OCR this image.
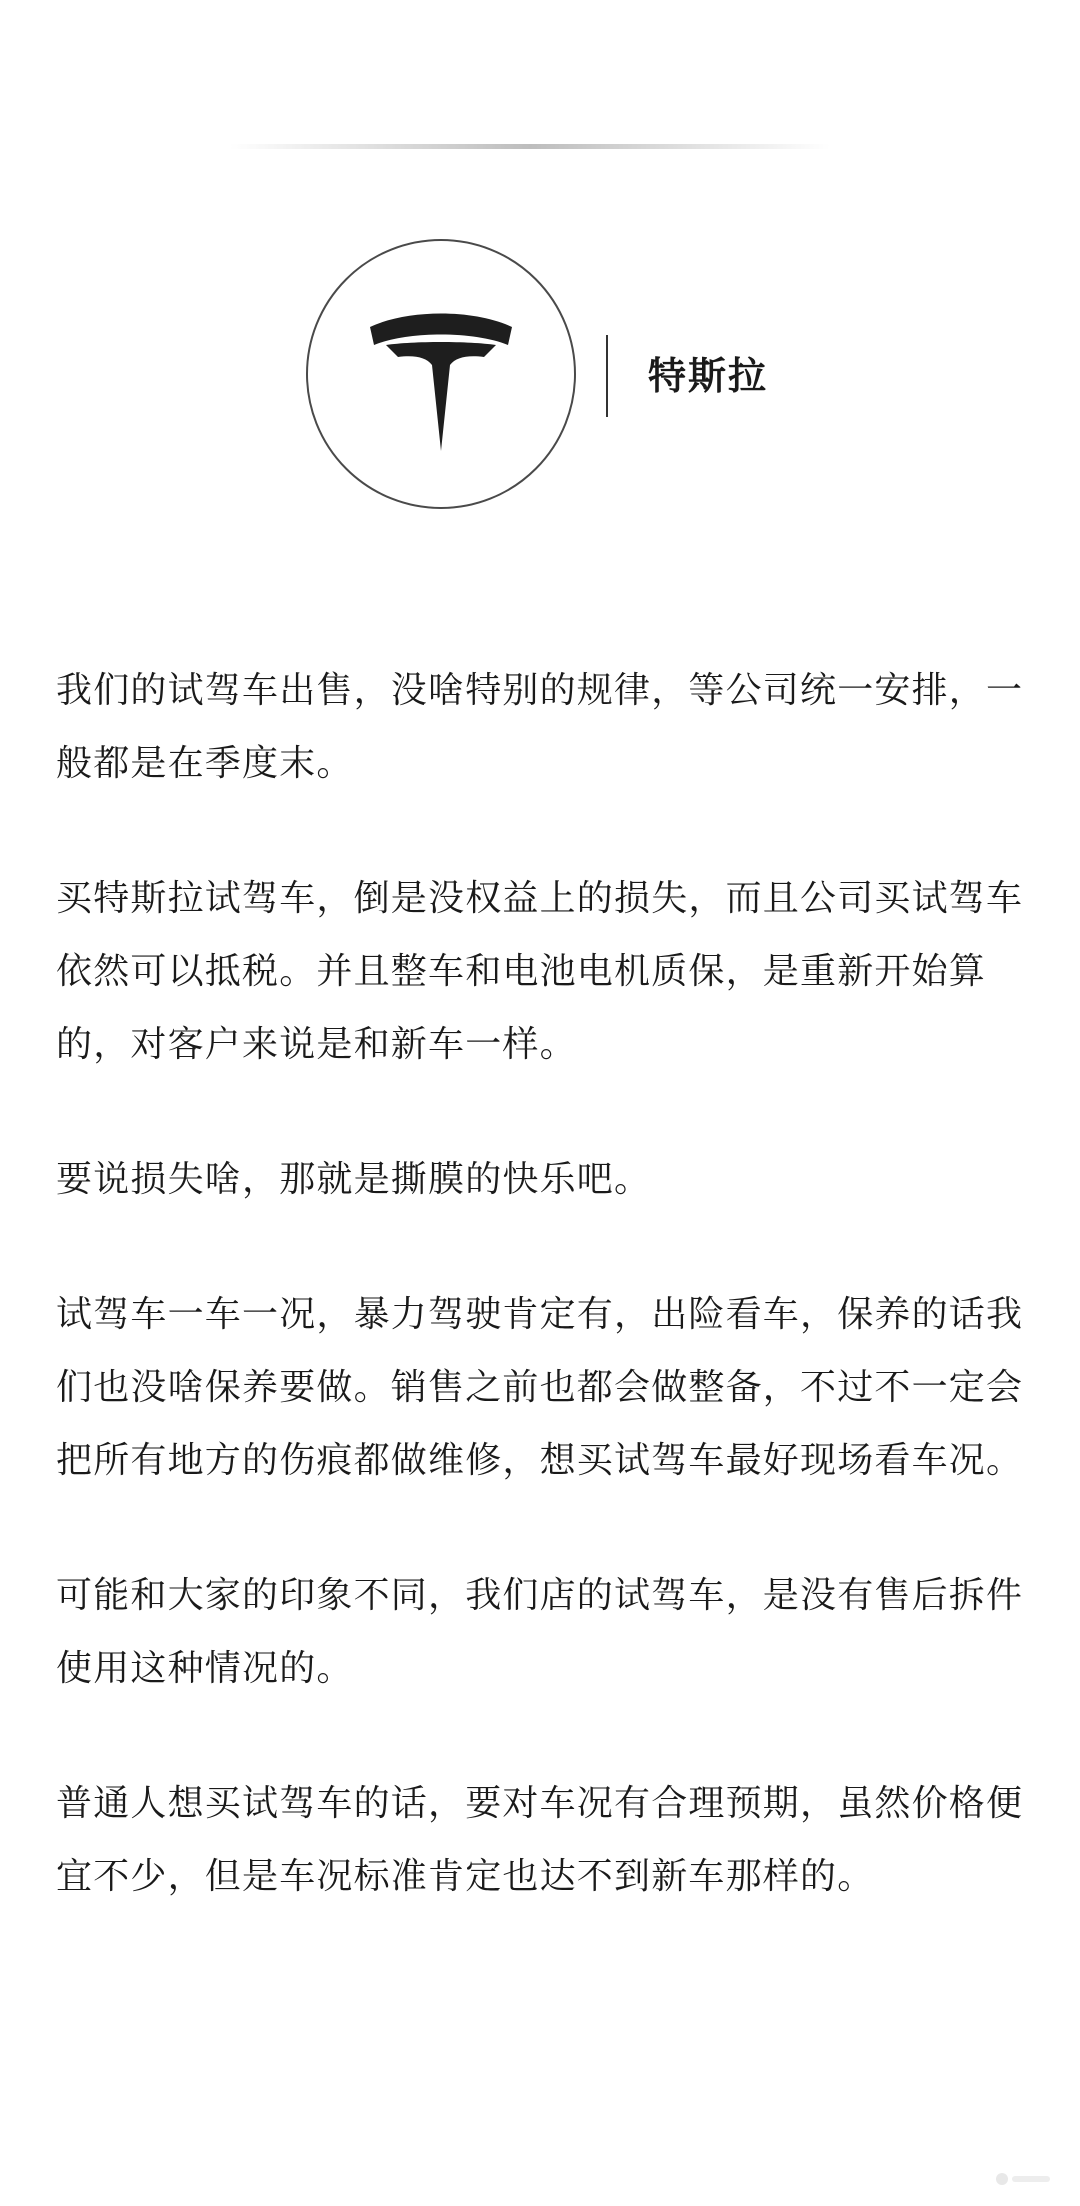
特斯拉

我们的试驾车出售，没啥特别的规律，等公司统一安排，一般都是在季度末。

买特斯拉试驾车，倒是没权益上的损失，而且公司买试驾车依然可以抵税。并且整车和电池电机质保，是重新开始算的，对客户来说是和新车一样。

要说损失啥，那就是撕膜的快乐吧。

试驾车一车一况，暴力驾驶肯定有，出险看车，保养的话我们也没啥保养要做。销售之前也都会做整备，不过不一定会把所有地方的伤痕都做维修，想买试驾车最好现场看车况。

可能和大家的印象不同，我们店的试驾车，是没有售后拆件使用这种情况的。

普通人想买试驾车的话，要对车况有合理预期，虽然价格便宜不少，但是车况标准肯定也达不到新车那样的。
